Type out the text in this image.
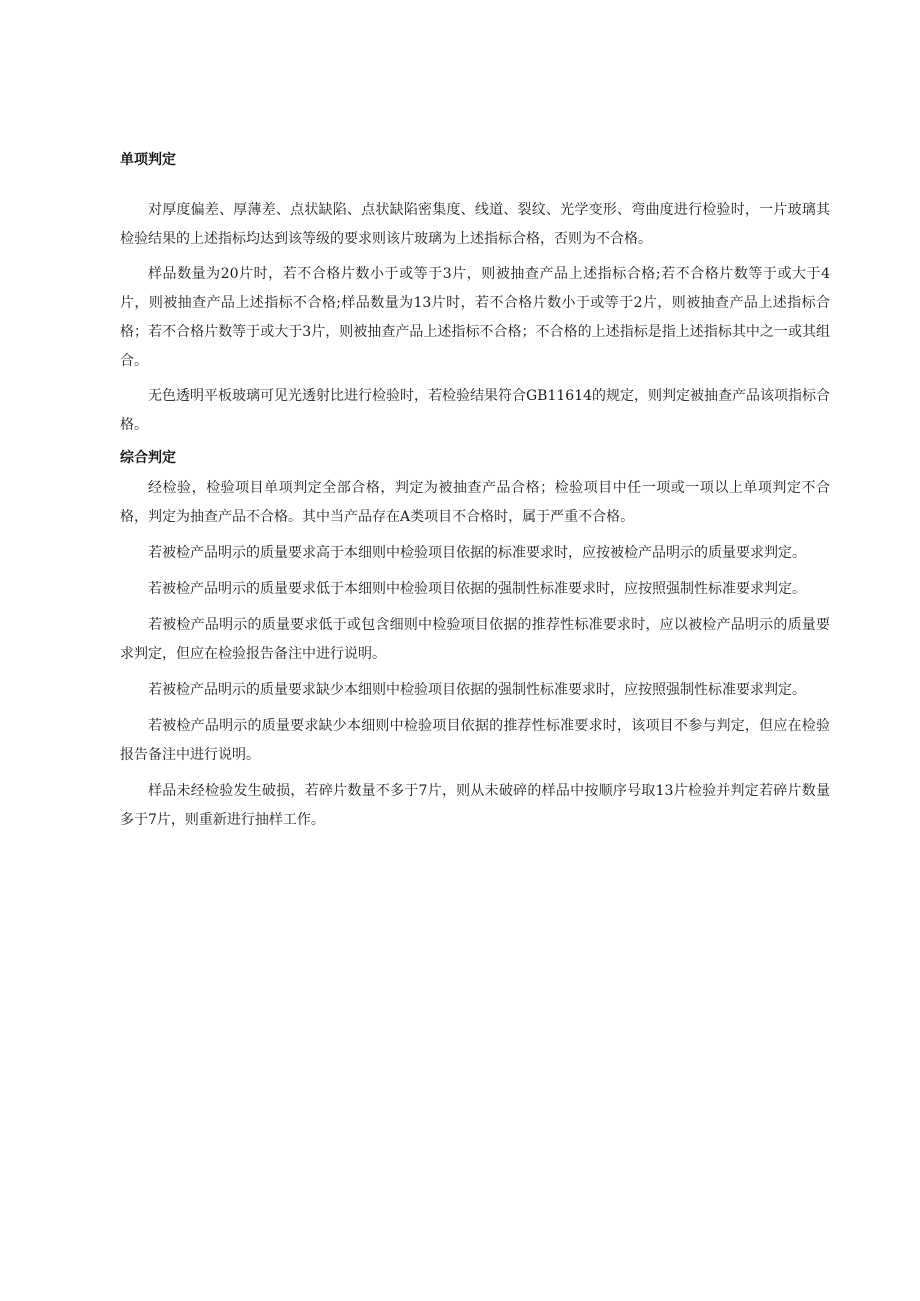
单项判定

对厚度偏差、厚薄差、点状缺陷、点状缺陷密集度、线道、裂纹、光学变形、弯曲度进行检验时，一片玻璃其检验结果的上述指标均达到该等级的要求则该片玻璃为上述指标合格，否则为不合格。

样品数量为20片时，若不合格片数小于或等于3片，则被抽查产品上述指标合格;若不合格片数等于或大于4片，则被抽查产品上述指标不合格;样品数量为13片时，若不合格片数小于或等于2片，则被抽查产品上述指标合格；若不合格片数等于或大于3片，则被抽查产品上述指标不合格；不合格的上述指标是指上述指标其中之一或其组合。

无色透明平板玻璃可见光透射比进行检验时，若检验结果符合GB11614的规定，则判定被抽查产品该项指标合格。

综合判定

经检验，检验项目单项判定全部合格，判定为被抽查产品合格；检验项目中任一项或一项以上单项判定不合格，判定为抽查产品不合格。其中当产品存在A类项目不合格时，属于严重不合格。

若被检产品明示的质量要求高于本细则中检验项目依据的标准要求时，应按被检产品明示的质量要求判定。

若被检产品明示的质量要求低于本细则中检验项目依据的强制性标准要求时，应按照强制性标准要求判定。

若被检产品明示的质量要求低于或包含细则中检验项目依据的推荐性标准要求时，应以被检产品明示的质量要求判定，但应在检验报告备注中进行说明。

若被检产品明示的质量要求缺少本细则中检验项目依据的强制性标准要求时，应按照强制性标准要求判定。

若被检产品明示的质量要求缺少本细则中检验项目依据的推荐性标准要求时，该项目不参与判定，但应在检验报告备注中进行说明。

样品未经检验发生破损，若碎片数量不多于7片，则从未破碎的样品中按顺序号取13片检验并判定若碎片数量多于7片，则重新进行抽样工作。
